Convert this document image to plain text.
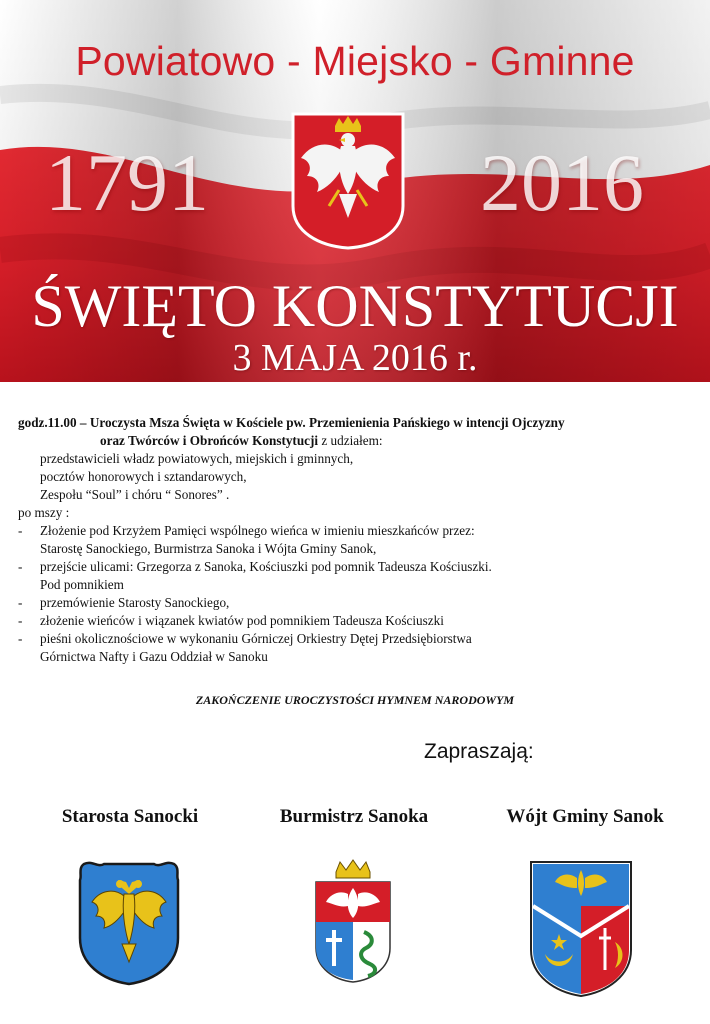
Powiatowo - Miejsko - Gminne
1791	2016
ŚWIĘTO KONSTYTUCJI
3 MAJA 2016 r.
godz.11.00 – Uroczysta Msza Święta w Kościele pw. Przemienienia Pańskiego w intencji Ojczyzny
oraz Twórców i Obrońców Konstytucji z udziałem:
przedstawicieli władz powiatowych, miejskich i gminnych,
pocztów honorowych i sztandarowych,
Zespołu “Soul” i chóru “ Sonores” .
po mszy :
- Złożenie pod Krzyżem Pamięci wspólnego wieńca w imieniu mieszkańców przez:
Starostę Sanockiego, Burmistrza Sanoka i Wójta Gminy Sanok,
- przejście ulicami: Grzegorza z Sanoka, Kościuszki pod pomnik Tadeusza Kościuszki.
Pod pomnikiem
- przemówienie Starosty Sanockiego,
- złożenie wieńców i wiązanek kwiatów pod pomnikiem Tadeusza Kościuszki
- pieśni okolicznościowe w wykonaniu Górniczej Orkiestry Dętej Przedsiębiorstwa
Górnictwa Nafty i Gazu Oddział w Sanoku
ZAKOŃCZENIE UROCZYSTOŚCI HYMNEM NARODOWYM
Zapraszają:
Starosta Sanocki	Burmistrz Sanoka	Wójt Gminy Sanok
